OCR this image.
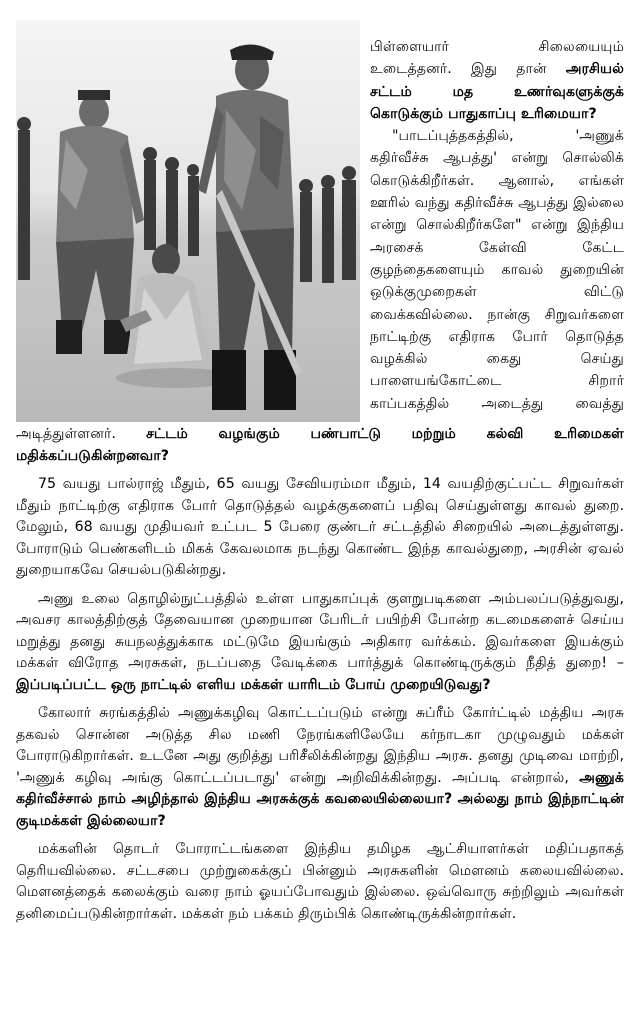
பிள்ளையார் சிலையையும் உடைத்தனர். இது தான் அரசியல் சட்டம் மத உணர்வுகளுக்குக் கொடுக்கும் பாதுகாப்பு உரிமையா?

"பாடப்புத்தகத்தில், 'அணுக் கதிர்வீச்சு ஆபத்து' என்று சொல்லிக் கொடுக்கிறீர்கள். ஆனால், எங்கள் ஊரில் வந்து கதிர்வீச்சு ஆபத்து இல்லை என்று சொல்கிறீர்களே" என்று இந்திய அரசைக் கேள்வி கேட்ட குழந்தைகளையும் காவல் துறையின் ஒடுக்குமுறைகள் விட்டு வைக்கவில்லை. நான்கு சிறுவர்களை நாட்டிற்கு எதிராக போர் தொடுத்த வழக்கில் கைது செய்து பாளையங்கோட்டை சிறார் காப்பகத்தில் அடைத்து வைத்து

அடித்துள்ளனர். சட்டம் வழங்கும் பண்பாட்டு மற்றும் கல்வி உரிமைகள் மதிக்கப்படுகின்றனவா?

75 வயது பால்ராஜ் மீதும், 65 வயது சேவியரம்மா மீதும், 14 வயதிற்குட்பட்ட சிறுவர்கள் மீதும் நாட்டிற்கு எதிராக போர் தொடுத்தல் வழக்குகளைப் பதிவு செய்துள்ளது காவல் துறை. மேலும், 68 வயது முதியவர் உட்பட 5 பேரை குண்டர் சட்டத்தில் சிறையில் அடைத்துள்ளது. போராடும் பெண்களிடம் மிகக் கேவலமாக நடந்து கொண்ட இந்த காவல்துறை, அரசின் ஏவல் துறையாகவே செயல்படுகின்றது.

அணு உலை தொழில்நுட்பத்தில் உள்ள பாதுகாப்புக் குளறுபடிகளை அம்பலப்படுத்துவது, அவசர காலத்திற்குத் தேவையான முறையான பேரிடர் பயிற்சி போன்ற கடமைகளைச் செய்ய மறுத்து தனது சுயநலத்துக்காக மட்டுமே இயங்கும் அதிகார வர்க்கம். இவர்களை இயக்கும் மக்கள் விரோத அரசுகள், நடப்பதை வேடிக்கை பார்த்துக் கொண்டிருக்கும் நீதித் துறை! – இப்படிப்பட்ட ஒரு நாட்டில் எளிய மக்கள் யாரிடம் போய் முறையிடுவது?

கோலார் சுரங்கத்தில் அணுக்கழிவு கொட்டப்படும் என்று சுப்ரீம் கோர்ட்டில் மத்திய அரசு தகவல் சொன்ன அடுத்த சில மணி நேரங்களிலேயே கர்நாடகா முழுவதும் மக்கள் போராடுகிறார்கள். உடனே அது குறித்து பரிசீலிக்கின்றது இந்திய அரசு. தனது முடிவை மாற்றி, 'அணுக் கழிவு அங்கு கொட்டப்படாது' என்று அறிவிக்கின்றது. அப்படி என்றால், அணுக் கதிர்வீச்சால் நாம் அழிந்தால் இந்திய அரசுக்குக் கவலையில்லையா? அல்லது நாம் இந்நாட்டின் குடிமக்கள் இல்லையா?

மக்களின் தொடர் போராட்டங்களை இந்திய தமிழக ஆட்சியாளர்கள் மதிப்பதாகத் தெரியவில்லை. சட்டசபை முற்றுகைக்குப் பின்னும் அரசுகளின் மௌனம் கலையவில்லை. மௌனத்தைக் கலைக்கும் வரை நாம் ஓயப்போவதும் இல்லை. ஒவ்வொரு சுற்றிலும் அவர்கள் தனிமைப்படுகின்றார்கள். மக்கள் நம் பக்கம் திரும்பிக் கொண்டிருக்கின்றார்கள்.
